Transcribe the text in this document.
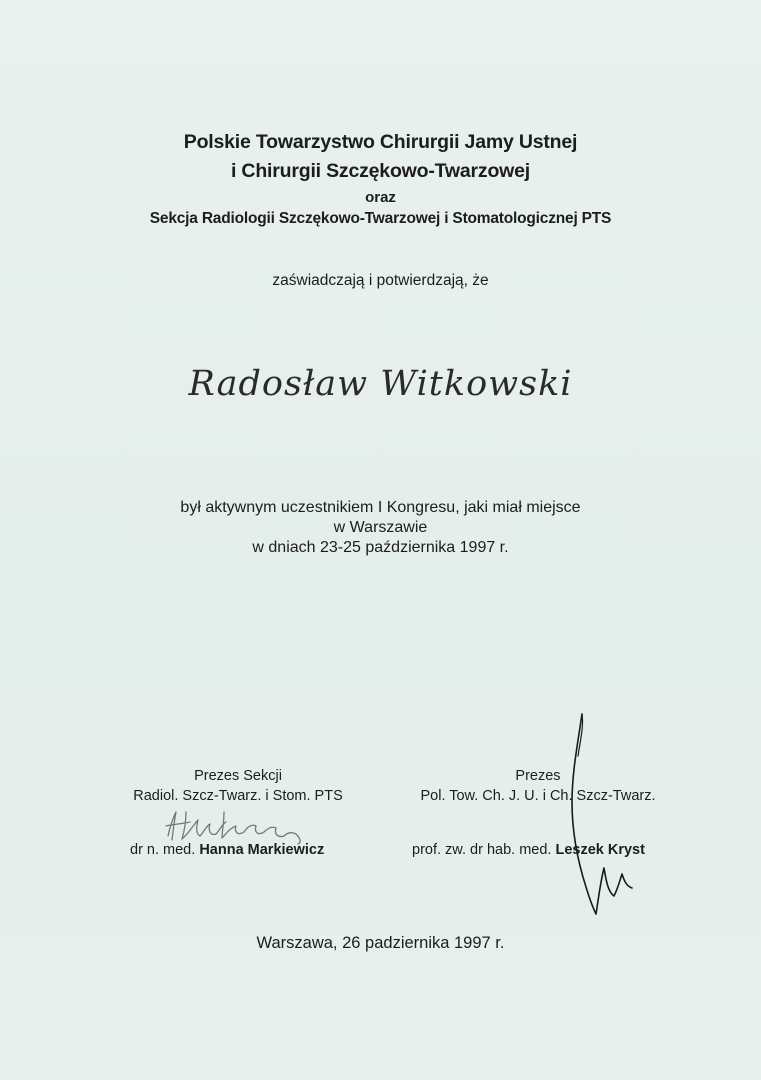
Polskie Towarzystwo Chirurgii Jamy Ustnej
i Chirurgii Szczękowo-Twarzowej
oraz
Sekcja Radiologii Szczękowo-Twarzowej i Stomatologicznej PTS
zaświadczają i potwierdzają, że
Radosław Witkowski
był aktywnym uczestnikiem I Kongresu, jaki miał miejsce
w Warszawie
w dniach 23-25 października 1997 r.
Prezes Sekcji
Radiol. Szcz-Twarz. i Stom. PTS
dr n. med. Hanna Markiewicz
Prezes
Pol. Tow. Ch. J. U. i Ch. Szcz-Twarz.
prof. zw. dr hab. med. Leszek Kryst
Warszawa, 26 padziernika 1997 r.
